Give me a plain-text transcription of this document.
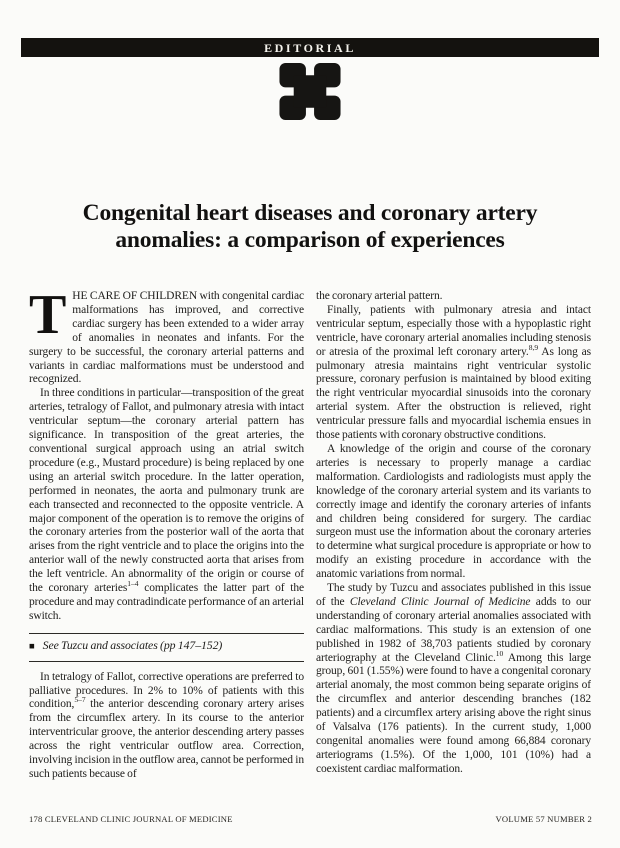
EDITORIAL
Congenital heart diseases and coronary artery
anomalies: a comparison of experiences

THE CARE OF CHILDREN with congenital cardiac malformations has improved, and corrective cardiac surgery has been extended to a wider array of anomalies in neonates and infants. For the surgery to be successful, the coronary arterial patterns and variants in cardiac malformations must be understood and recognized.

In three conditions in particular—transposition of the great arteries, tetralogy of Fallot, and pulmonary atresia with intact ventricular septum—the coronary arterial pattern has significance. In transposition of the great arteries, the conventional surgical approach using an atrial switch procedure (e.g., Mustard procedure) is being replaced by one using an arterial switch procedure. In the latter operation, performed in neonates, the aorta and pulmonary trunk are each transected and reconnected to the opposite ventricle. A major component of the operation is to remove the origins of the coronary arteries from the posterior wall of the aorta that arises from the right ventricle and to place the origins into the anterior wall of the newly constructed aorta that arises from the left ventricle. An abnormality of the origin or course of the coronary arteries$^{1-4}$ complicates the latter part of the procedure and may contradindicate performance of an arterial switch.

■ See Tuzcu and associates (pp 147–152)

In tetralogy of Fallot, corrective operations are preferred to palliative procedures. In 2% to 10% of patients with this condition,$^{5-7}$ the anterior descending coronary artery arises from the circumflex artery. In its course to the anterior interventricular groove, the anterior descending artery passes across the right ventricular outflow area. Correction, involving incision in the outflow area, cannot be performed in such patients because of

the coronary arterial pattern.

Finally, patients with pulmonary atresia and intact ventricular septum, especially those with a hypoplastic right ventricle, have coronary arterial anomalies including stenosis or atresia of the proximal left coronary artery.$^{8,9}$ As long as pulmonary atresia maintains right ventricular systolic pressure, coronary perfusion is maintained by blood exiting the right ventricular myocardial sinusoids into the coronary arterial system. After the obstruction is relieved, right ventricular pressure falls and myocardial ischemia ensues in those patients with coronary obstructive conditions.

A knowledge of the origin and course of the coronary arteries is necessary to properly manage a cardiac malformation. Cardiologists and radiologists must apply the knowledge of the coronary arterial system and its variants to correctly image and identify the coronary arteries of infants and children being considered for surgery. The cardiac surgeon must use the information about the coronary arteries to determine what surgical procedure is appropriate or how to modify an existing procedure in accordance with the anatomic variations from normal.

The study by Tuzcu and associates published in this issue of the Cleveland Clinic Journal of Medicine adds to our understanding of coronary arterial anomalies associated with cardiac malformations. This study is an extension of one published in 1982 of 38,703 patients studied by coronary arteriography at the Cleveland Clinic.$^{10}$ Among this large group, 601 (1.55%) were found to have a congenital coronary arterial anomaly, the most common being separate origins of the circumflex and anterior descending branches (182 patients) and a circumflex artery arising above the right sinus of Valsalva (176 patients). In the current study, 1,000 congenital anomalies were found among 66,884 coronary arteriograms (1.5%). Of the 1,000, 101 (10%) had a coexistent cardiac malformation.

178 CLEVELAND CLINIC JOURNAL OF MEDICINE	VOLUME 57 NUMBER 2
